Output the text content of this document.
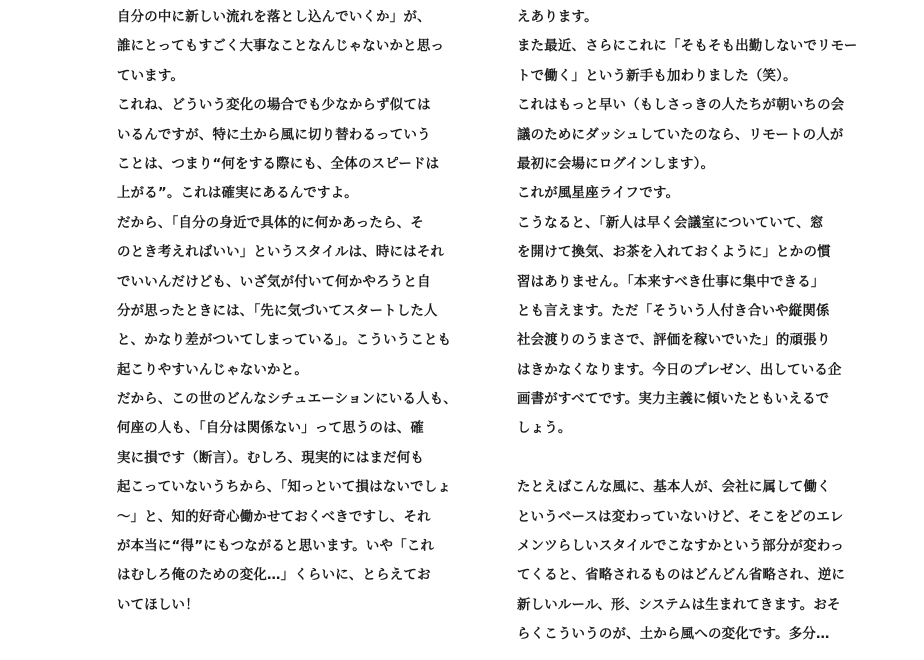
自分の中に新しい流れを落とし込んでいくか」が、
誰にとってもすごく大事なことなんじゃないかと思っ
ています。
これね、どういう変化の場合でも少なからず似ては
いるんですが、特に土から風に切り替わるっていう
ことは、つまり“何をする際にも、全体のスピードは
上がる”。これは確実にあるんですよ。
だから、「自分の身近で具体的に何かあったら、そ
のとき考えればいい」というスタイルは、時にはそれ
でいいんだけども、いざ気が付いて何かやろうと自
分が思ったときには、「先に気づいてスタートした人
と、かなり差がついてしまっている」。こういうことも
起こりやすいんじゃないかと。
だから、この世のどんなシチュエーションにいる人も、
何座の人も、「自分は関係ない」って思うのは、確
実に損です（断言）。むしろ、現実的にはまだ何も
起こっていないうちから、「知っといて損はないでしょ
～」と、知的好奇心働かせておくべきですし、それ
が本当に“得”にもつながると思います。いや「これ
はむしろ俺のための変化…」くらいに、とらえてお
いてほしい！
えあります。
また最近、さらにこれに「そもそも出勤しないでリモー
トで働く」という新手も加わりました（笑）。
これはもっと早い（もしさっきの人たちが朝いちの会
議のためにダッシュしていたのなら、リモートの人が
最初に会場にログインします）。
これが風星座ライフです。
こうなると、「新人は早く会議室についていて、窓
を開けて換気、お茶を入れておくように」とかの慣
習はありません。「本来すべき仕事に集中できる」
とも言えます。ただ「そういう人付き合いや縦関係
社会渡りのうまさで、評価を稼いでいた」的頑張り
はきかなくなります。今日のプレゼン、出している企
画書がすべてです。実力主義に傾いたともいえるで
しょう。
たとえばこんな風に、基本人が、会社に属して働く
というベースは変わっていないけど、そこをどのエレ
メンツらしいスタイルでこなすかという部分が変わっ
てくると、省略されるものはどんどん省略され、逆に
新しいルール、形、システムは生まれてきます。おそ
らくこういうのが、土から風への変化です。多分…
